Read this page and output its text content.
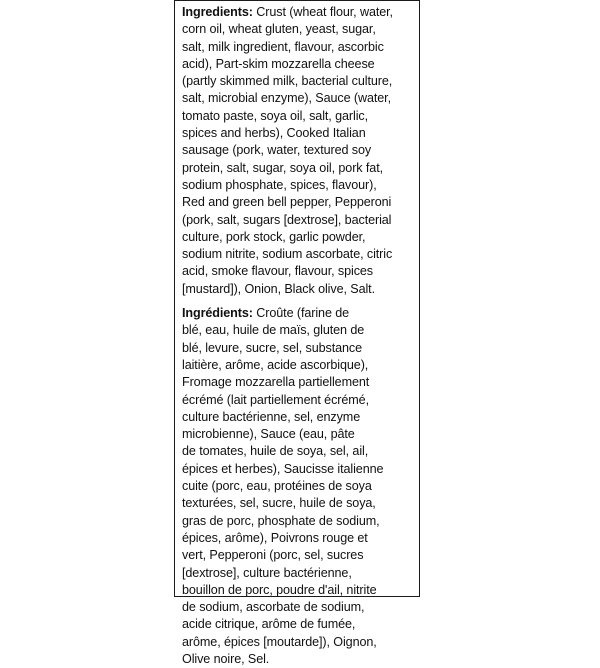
Ingredients: Crust (wheat flour, water,
corn oil, wheat gluten, yeast, sugar,
salt, milk ingredient, flavour, ascorbic
acid), Part-skim mozzarella cheese
(partly skimmed milk, bacterial culture,
salt, microbial enzyme), Sauce (water,
tomato paste, soya oil, salt, garlic,
spices and herbs), Cooked Italian
sausage (pork, water, textured soy
protein, salt, sugar, soya oil, pork fat,
sodium phosphate, spices, flavour),
Red and green bell pepper, Pepperoni
(pork, salt, sugars [dextrose], bacterial
culture, pork stock, garlic powder,
sodium nitrite, sodium ascorbate, citric
acid, smoke flavour, flavour, spices
[mustard]), Onion, Black olive, Salt.

Ingrédients: Croûte (farine de
blé, eau, huile de maïs, gluten de
blé, levure, sucre, sel, substance
laitière, arôme, acide ascorbique),
Fromage mozzarella partiellement
écrémé (lait partiellement écrémé,
culture bactérienne, sel, enzyme
microbienne), Sauce (eau, pâte
de tomates, huile de soya, sel, ail,
épices et herbes), Saucisse italienne
cuite (porc, eau, protéines de soya
texturées, sel, sucre, huile de soya,
gras de porc, phosphate de sodium,
épices, arôme), Poivrons rouge et
vert, Pepperoni (porc, sel, sucres
[dextrose], culture bactérienne,
bouillon de porc, poudre d'ail, nitrite
de sodium, ascorbate de sodium,
acide citrique, arôme de fumée,
arôme, épices [moutarde]), Oignon,
Olive noire, Sel.
